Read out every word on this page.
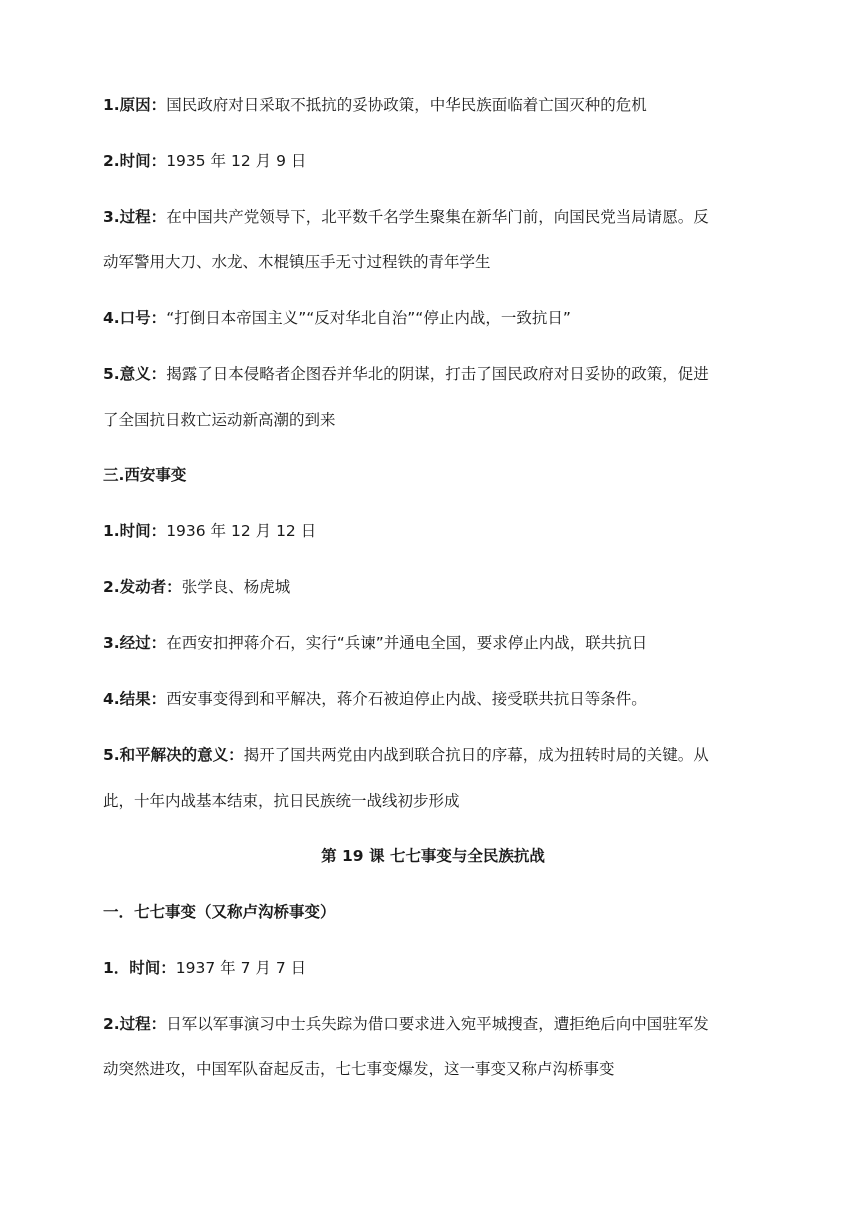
1.原因：国民政府对日采取不抵抗的妥协政策，中华民族面临着亡国灭种的危机
2.时间：1935 年 12 月 9 日
3.过程：在中国共产党领导下，北平数千名学生聚集在新华门前，向国民党当局请愿。反
动军警用大刀、水龙、木棍镇压手无寸过程铁的青年学生
4.口号：“打倒日本帝国主义”“反对华北自治”“停止内战，一致抗日”
5.意义：揭露了日本侵略者企图吞并华北的阴谋，打击了国民政府对日妥协的政策，促进
了全国抗日救亡运动新高潮的到来
三.西安事变
1.时间：1936 年 12 月 12 日
2.发动者：张学良、杨虎城
3.经过：在西安扣押蒋介石，实行“兵谏”并通电全国，要求停止内战，联共抗日
4.结果：西安事变得到和平解决，蒋介石被迫停止内战、接受联共抗日等条件。
5.和平解决的意义：揭开了国共两党由内战到联合抗日的序幕，成为扭转时局的关键。从
此，十年内战基本结束，抗日民族统一战线初步形成
第 19 课 七七事变与全民族抗战
一．七七事变（又称卢沟桥事变）
1．时间：1937 年 7 月 7 日
2.过程：日军以军事演习中士兵失踪为借口要求进入宛平城搜查，遭拒绝后向中国驻军发
动突然进攻，中国军队奋起反击，七七事变爆发，这一事变又称卢沟桥事变
